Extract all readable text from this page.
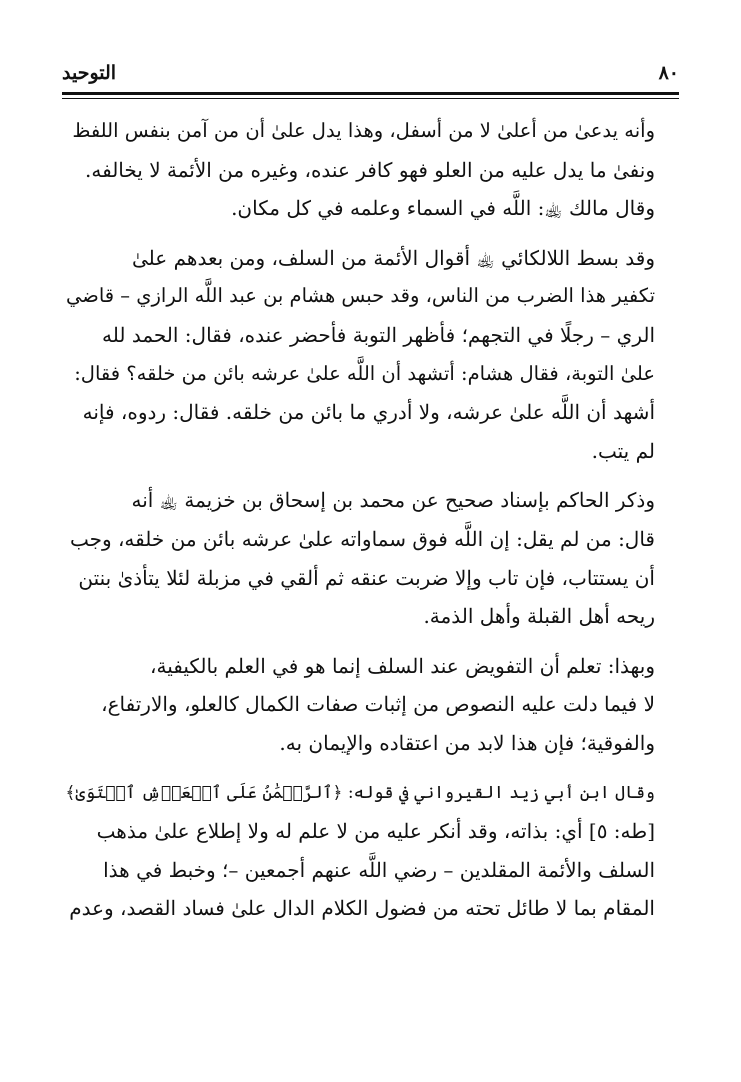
٨٠
التوحيد

وأنه يدعىٰ من أعلىٰ لا من أسفل، وهذا يدل علىٰ أن من آمن بنفس اللفظ
ونفىٰ ما يدل عليه من العلو فهو كافر عنده، وغيره من الأئمة لا يخالفه.
وقال مالك ﵀: اللَّه في السماء وعلمه في كل مكان.

وقد بسط اللالكائي ﵀ أقوال الأئمة من السلف، ومن بعدهم علىٰ
تكفير هذا الضرب من الناس، وقد حبس هشام بن عبد اللَّه الرازي – قاضي
الري – رجلًا في التجهم؛ فأظهر التوبة فأحضر عنده، فقال: الحمد لله
علىٰ التوبة، فقال هشام: أتشهد أن اللَّه علىٰ عرشه بائن من خلقه؟ فقال:
أشهد أن اللَّه علىٰ عرشه، ولا أدري ما بائن من خلقه. فقال: ردوه، فإنه
لم يتب.

وذكر الحاكم بإسناد صحيح عن محمد بن إسحاق بن خزيمة ﵀ أنه
قال: من لم يقل: إن اللَّه فوق سماواته علىٰ عرشه بائن من خلقه، وجب
أن يستتاب، فإن تاب وإلا ضربت عنقه ثم ألقي في مزبلة لئلا يتأذىٰ بنتن
ريحه أهل القبلة وأهل الذمة.

وبهذا: تعلم أن التفويض عند السلف إنما هو في العلم بالكيفية،
لا فيما دلت عليه النصوص من إثبات صفات الكمال كالعلو، والارتفاع،
والفوقية؛ فإن هذا لابد من اعتقاده والإيمان به.

وقال ابن أبي زيد القيرواني في قوله: ﴿ٱلرَّحۡمَٰنُ عَلَى ٱلۡعَرۡشِ ٱسۡتَوَىٰ﴾
[طه: ٥] أي: بذاته، وقد أنكر عليه من لا علم له ولا إطلاع علىٰ مذهب
السلف والأئمة المقلدين – رضي اللَّه عنهم أجمعين –؛ وخبط في هذا
المقام بما لا طائل تحته من فضول الكلام الدال علىٰ فساد القصد، وعدم
